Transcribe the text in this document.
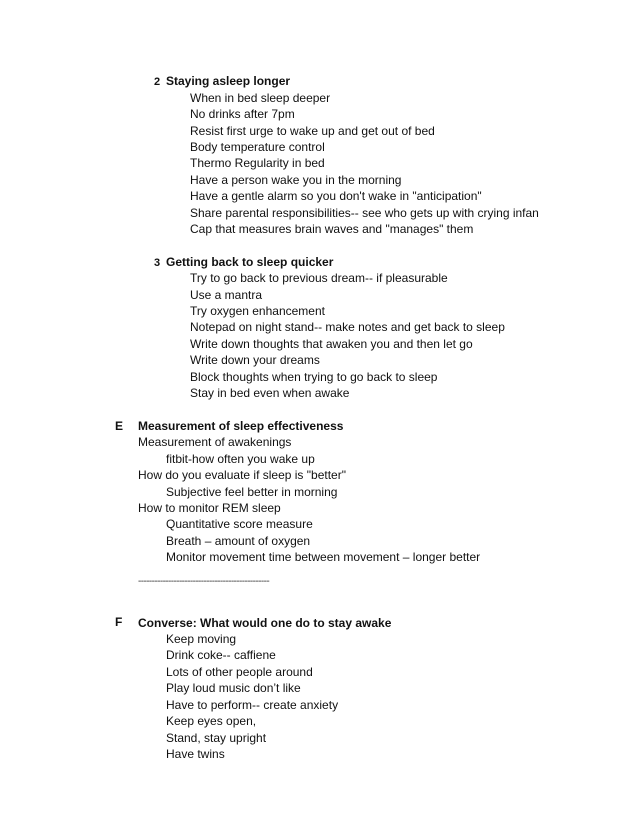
2 Staying asleep longer
When in bed sleep deeper
No drinks after 7pm
Resist first urge to wake up and get out of bed
Body temperature control
Thermo Regularity in bed
Have a person wake you in the morning
Have a gentle alarm so you don't wake in "anticipation"
Share parental responsibilities-- see who gets up with crying infan
Cap that measures brain waves and "manages" them
3 Getting back to sleep quicker
Try to go back to previous dream-- if pleasurable
Use a mantra
Try oxygen enhancement
Notepad on night stand-- make notes and get back to sleep
Write down thoughts that awaken you and then let go
Write down your dreams
Block thoughts when trying to go back to sleep
Stay in bed even when awake
E Measurement of sleep effectiveness
Measurement of awakenings
fitbit-how often you wake up
How do you evaluate if sleep is "better"
Subjective feel better in morning
How to monitor REM sleep
Quantitative score measure
Breath – amount of oxygen
Monitor movement time between movement – longer better
------------------------------------------------
F Converse: What would one do to stay awake
Keep moving
Drink coke-- caffiene
Lots of other people around
Play loud music don’t like
Have to perform-- create anxiety
Keep eyes open,
Stand, stay upright
Have twins
